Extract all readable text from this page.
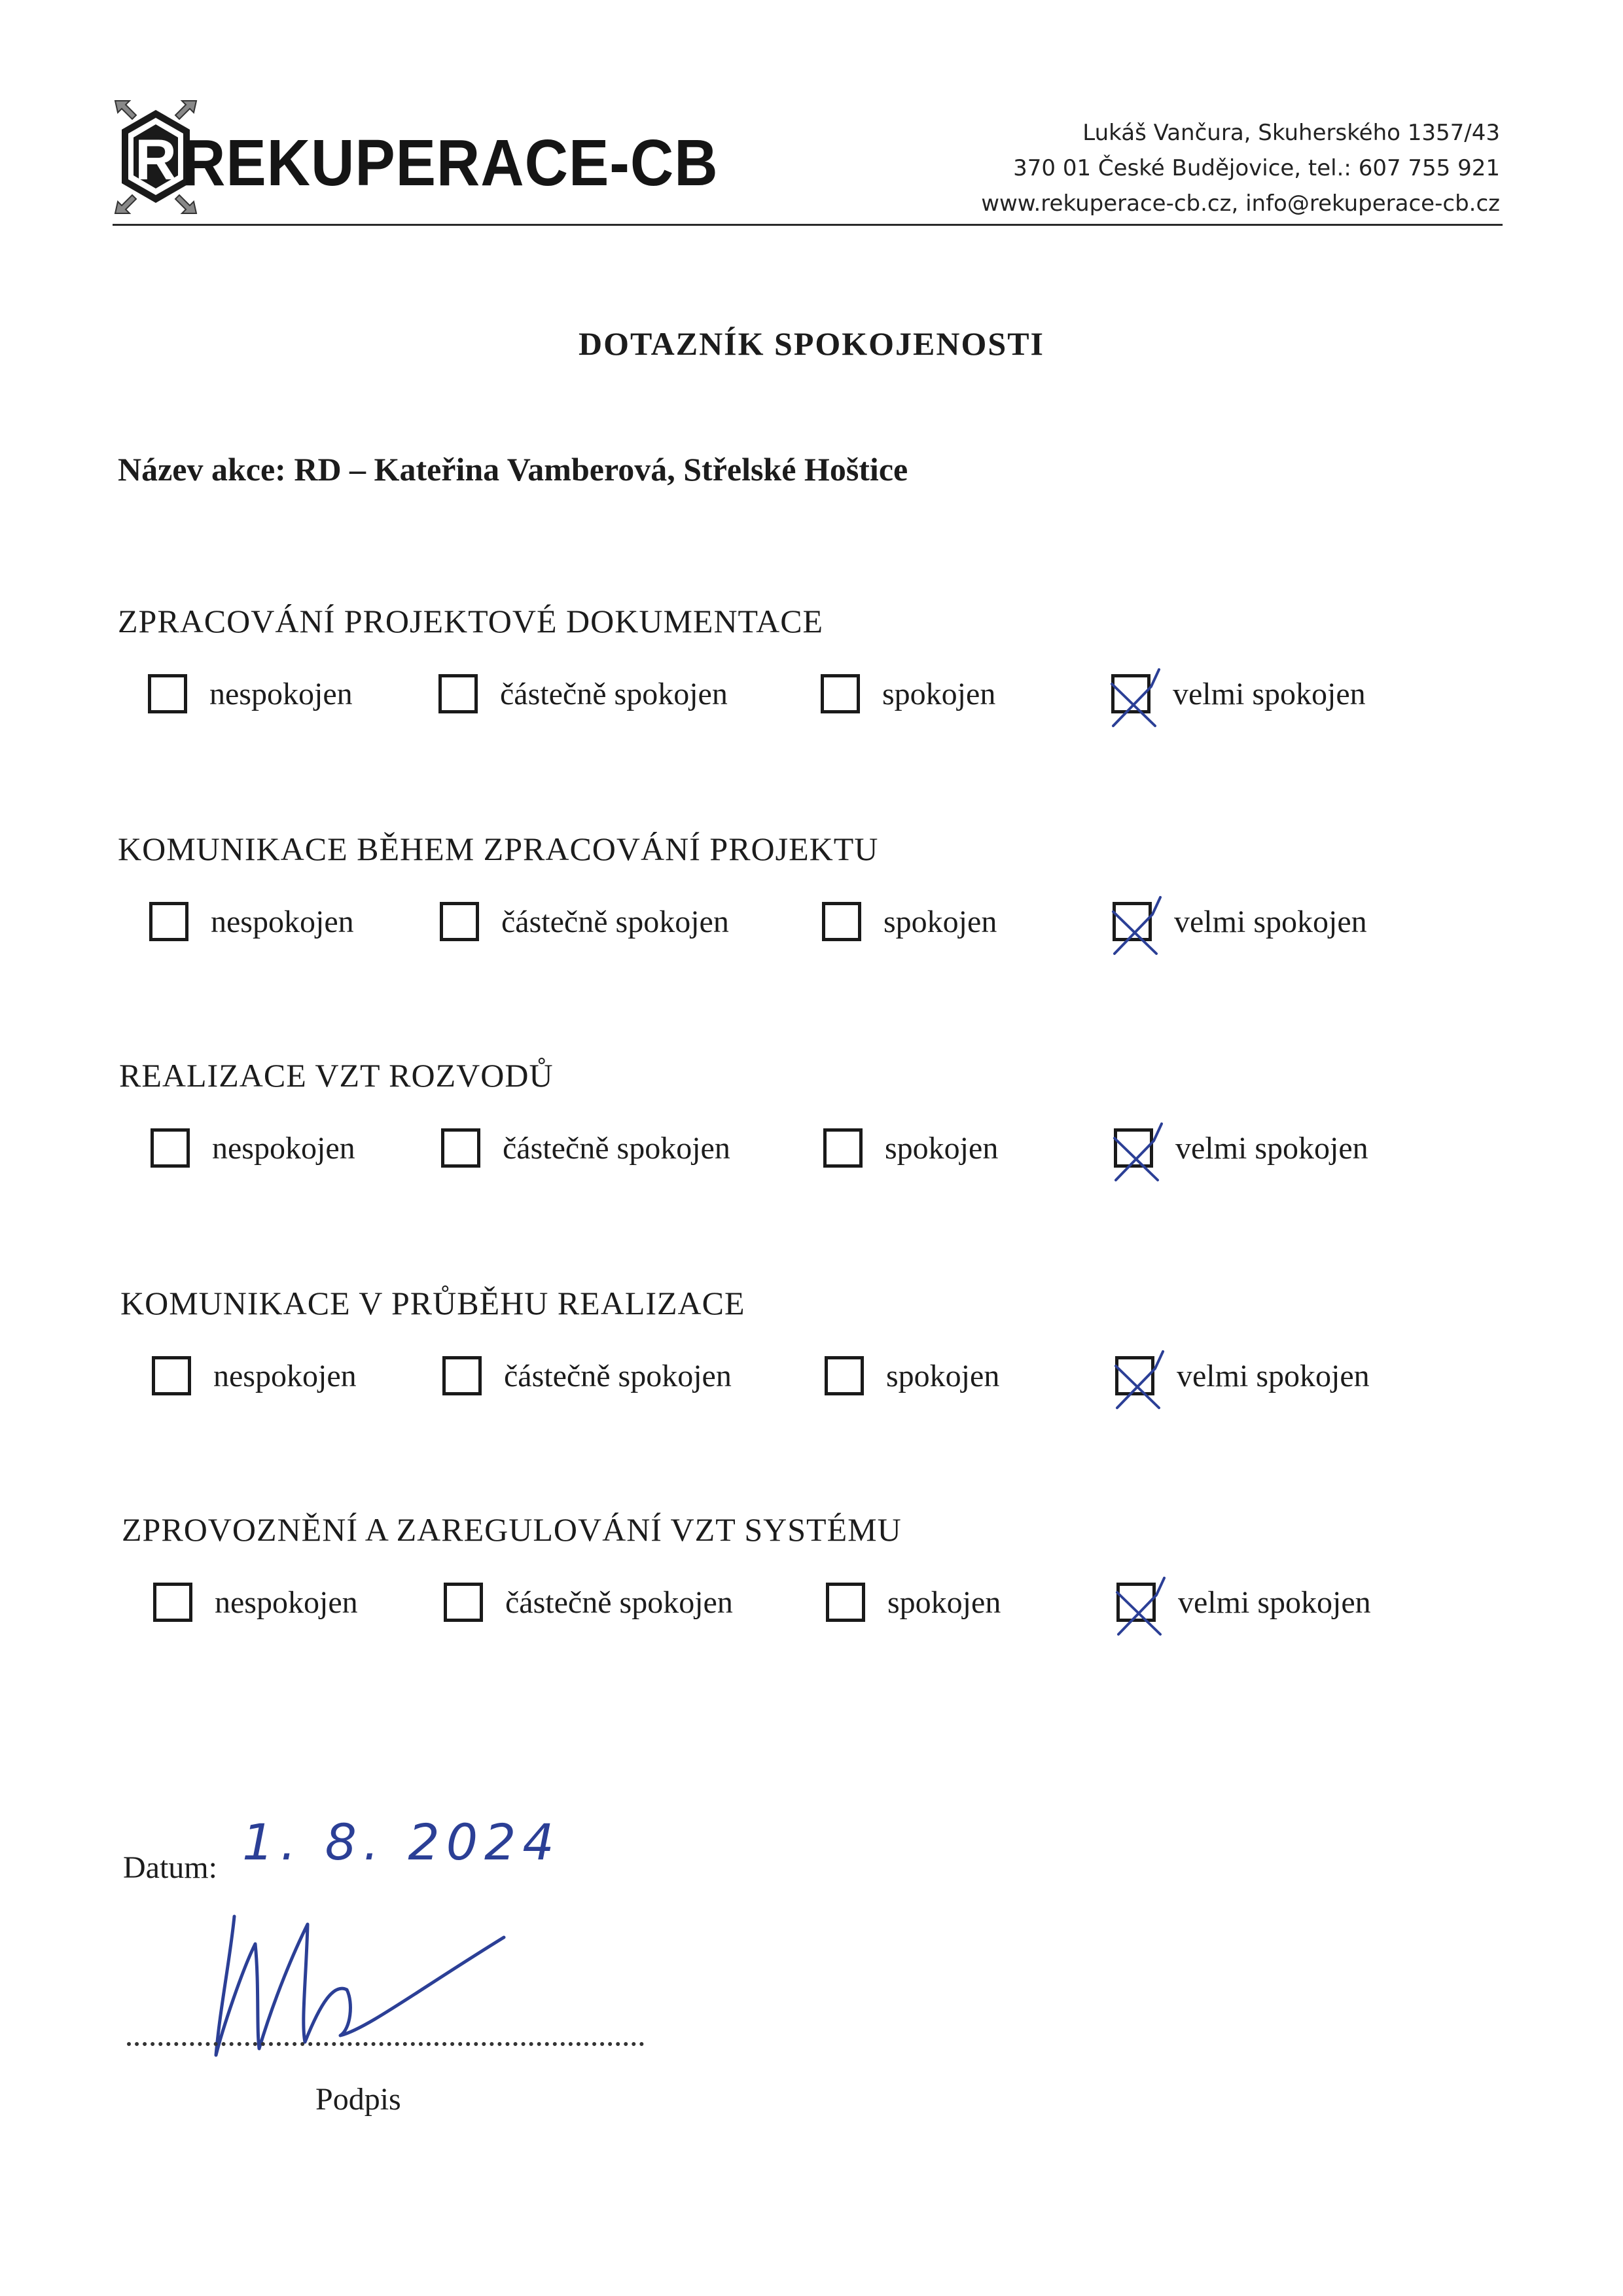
R REKUPERACE-CB	Lukáš Vančura, Skuherského 1357/43
370 01 České Budějovice, tel.: 607 755 921
www.rekuperace-cb.cz, info@rekuperace-cb.cz
DOTAZNÍK SPOKOJENOSTI
Název akce: RD – Kateřina Vamberová, Střelské Hoštice
ZPRACOVÁNÍ PROJEKTOVÉ DOKUMENTACE
nespokojen	částečně spokojen	spokojen	velmi spokojen
KOMUNIKACE BĚHEM ZPRACOVÁNÍ PROJEKTU
nespokojen	částečně spokojen	spokojen	velmi spokojen
REALIZACE VZT ROZVODŮ
nespokojen	částečně spokojen	spokojen	velmi spokojen
KOMUNIKACE V PRŮBĚHU REALIZACE
nespokojen	částečně spokojen	spokojen	velmi spokojen
ZPROVOZNĚNÍ A ZAREGULOVÁNÍ VZT SYSTÉMU
nespokojen	částečně spokojen	spokojen	velmi spokojen
Datum: 1. 8. 2024
Podpis
